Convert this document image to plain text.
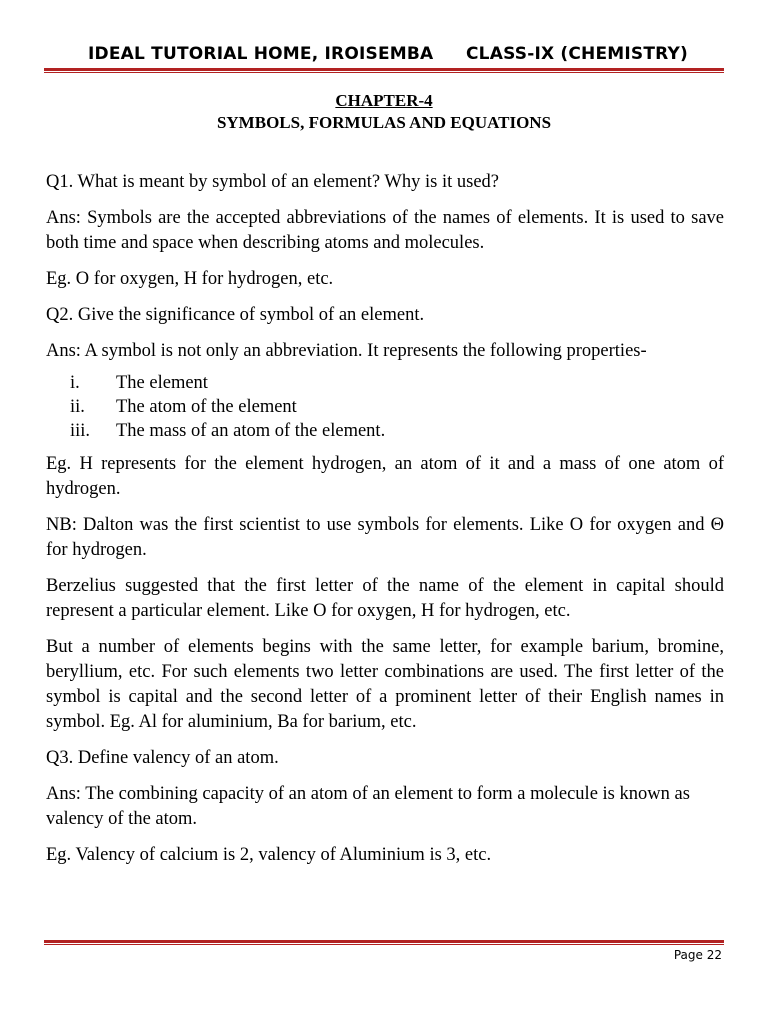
IDEAL TUTORIAL HOME, IROISEMBA CLASS-IX (CHEMISTRY)
CHAPTER-4
SYMBOLS, FORMULAS AND EQUATIONS

Q1. What is meant by symbol of an element? Why is it used?

Ans: Symbols are the accepted abbreviations of the names of elements. It is used to save both time and space when describing atoms and molecules.

Eg. O for oxygen, H for hydrogen, etc.

Q2. Give the significance of symbol of an element.

Ans: A symbol is not only an abbreviation. It represents the following properties-

i.	The element
ii.	The atom of the element
iii.	The mass of an atom of the element.

Eg. H represents for the element hydrogen, an atom of it and a mass of one atom of hydrogen.

NB: Dalton was the first scientist to use symbols for elements. Like O for oxygen and Θ for hydrogen.

Berzelius suggested that the first letter of the name of the element in capital should represent a particular element. Like O for oxygen, H for hydrogen, etc.

But a number of elements begins with the same letter, for example barium, bromine, beryllium, etc. For such elements two letter combinations are used. The first letter of the symbol is capital and the second letter of a prominent letter of their English names in symbol. Eg. Al for aluminium, Ba for barium, etc.

Q3. Define valency of an atom.

Ans: The combining capacity of an atom of an element to form a molecule is known as valency of the atom.

Eg. Valency of calcium is 2, valency of Aluminium is 3, etc.

Page 22
